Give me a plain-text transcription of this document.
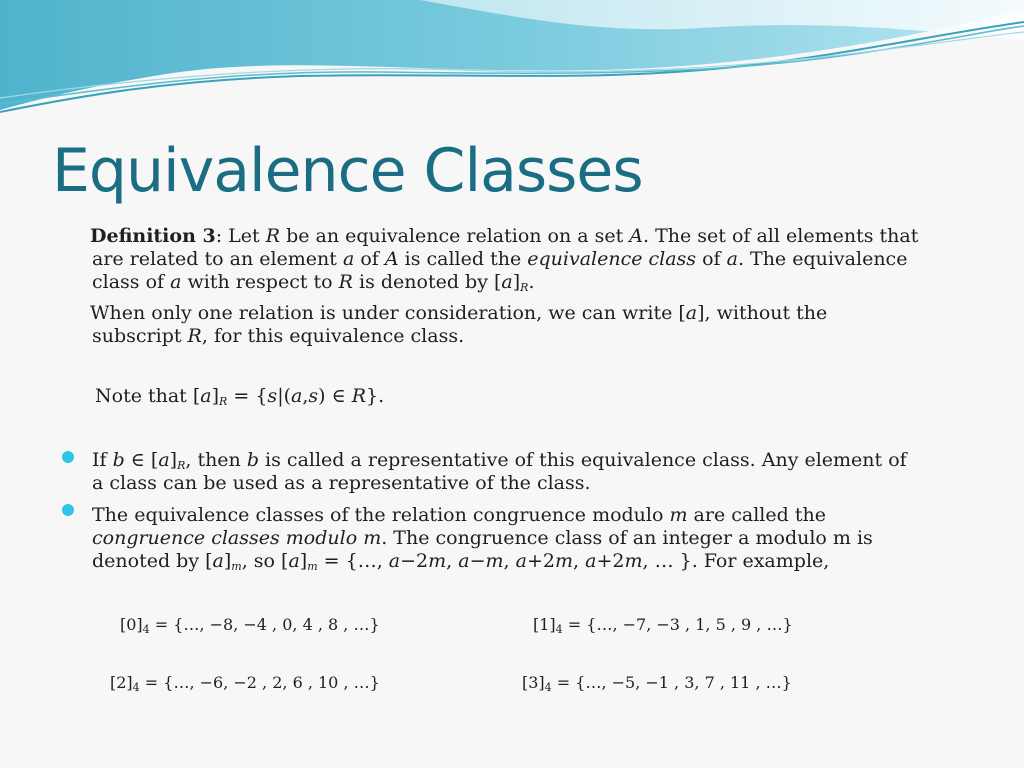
Equivalence Classes
Definition 3: Let R be an equivalence relation on a set A. The set of all elements that
are related to an element a of A is called the equivalence class of a. The equivalence
class of a with respect to R is denoted by $[a]_R$.
When only one relation is under consideration, we can write [a], without the
subscript R, for this equivalence class.
Note that $[a]_R = \{s|(a,s)$ ∈ R}.
If b ∈ $[a]_R$, then b is called a representative of this equivalence class. Any element of
a class can be used as a representative of the class.
The equivalence classes of the relation congruence modulo m are called the
congruence classes modulo m. The congruence class of an integer a modulo m is
denoted by $[a]_m$, so $[a]_m$ = {…, a−2m, a−m, a+2m, a+2m, … }. For example,
$[0]_4$ = {…, −8, −4 , 0, 4 , 8 , …}	$[1]_4$ = {…, −7, −3 , 1, 5 , 9 , …}
$[2]_4$ = {…, −6, −2 , 2, 6 , 10 , …}	$[3]_4$ = {…, −5, −1 , 3, 7 , 11 , …}
